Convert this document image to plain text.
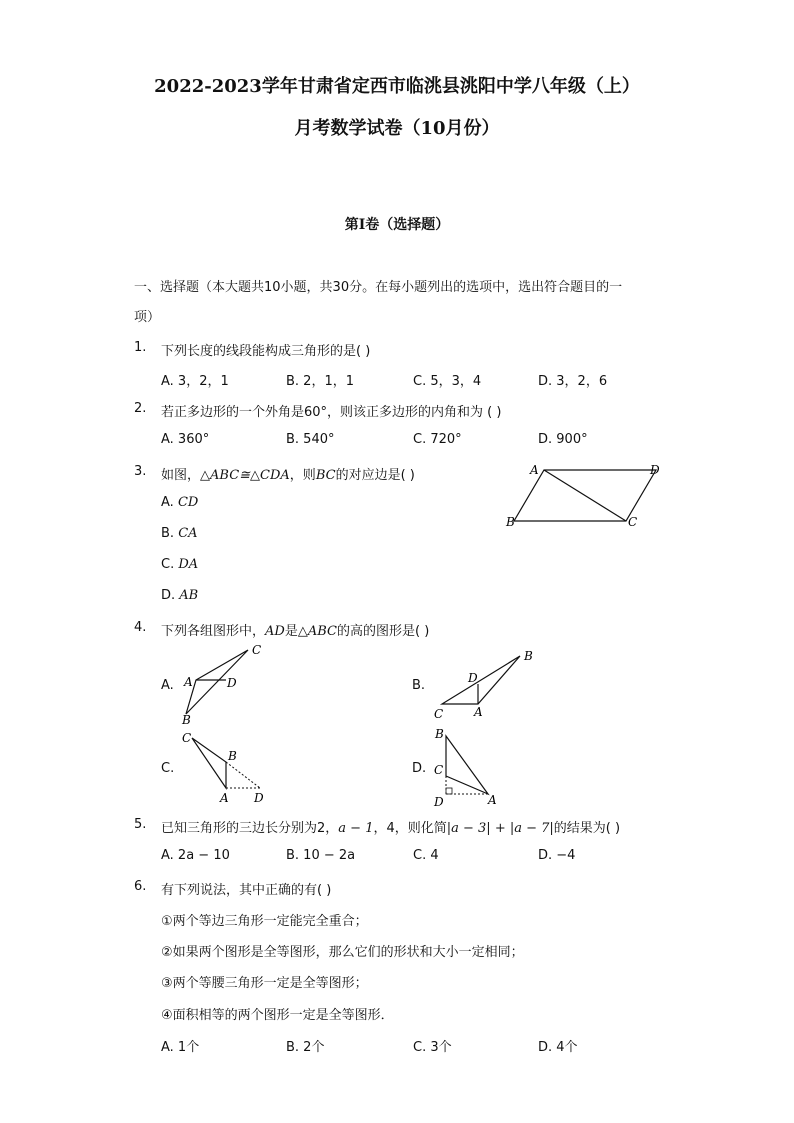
2022-2023学年甘肃省定西市临洮县洮阳中学八年级（上）
月考数学试卷（10月份）
第I卷（选择题）
一、选择题（本大题共10小题，共30分。在每小题列出的选项中，选出符合题目的一
项）
1. 下列长度的线段能构成三角形的是( )
A. 3，2，1	B. 2，1，1	C. 5，3，4	D. 3，2，6
2. 若正多边形的一个外角是60°，则该正多边形的内角和为 ( )
A. 360°	B. 540°	C. 720°	D. 900°
3. 如图，△ABC≅△CDA，则BC的对应边是( )
A. CD
B. CA
C. DA
D. AB
A	D
B	C
4. 下列各组图形中，AD是△ABC的高的图形是( )
A.
C
A	D
B
B.
B
D
C	A
C.
C
B
A D
D.
B
C
D	A
5. 已知三角形的三边长分别为2，a − 1，4，则化简|a − 3| + |a − 7|的结果为( )
A. 2a − 10	B. 10 − 2a	C. 4	D. −4
6. 有下列说法，其中正确的有( )
①两个等边三角形一定能完全重合；
②如果两个图形是全等图形，那么它们的形状和大小一定相同；
③两个等腰三角形一定是全等图形；
④面积相等的两个图形一定是全等图形．
A. 1个	B. 2个	C. 3个	D. 4个
